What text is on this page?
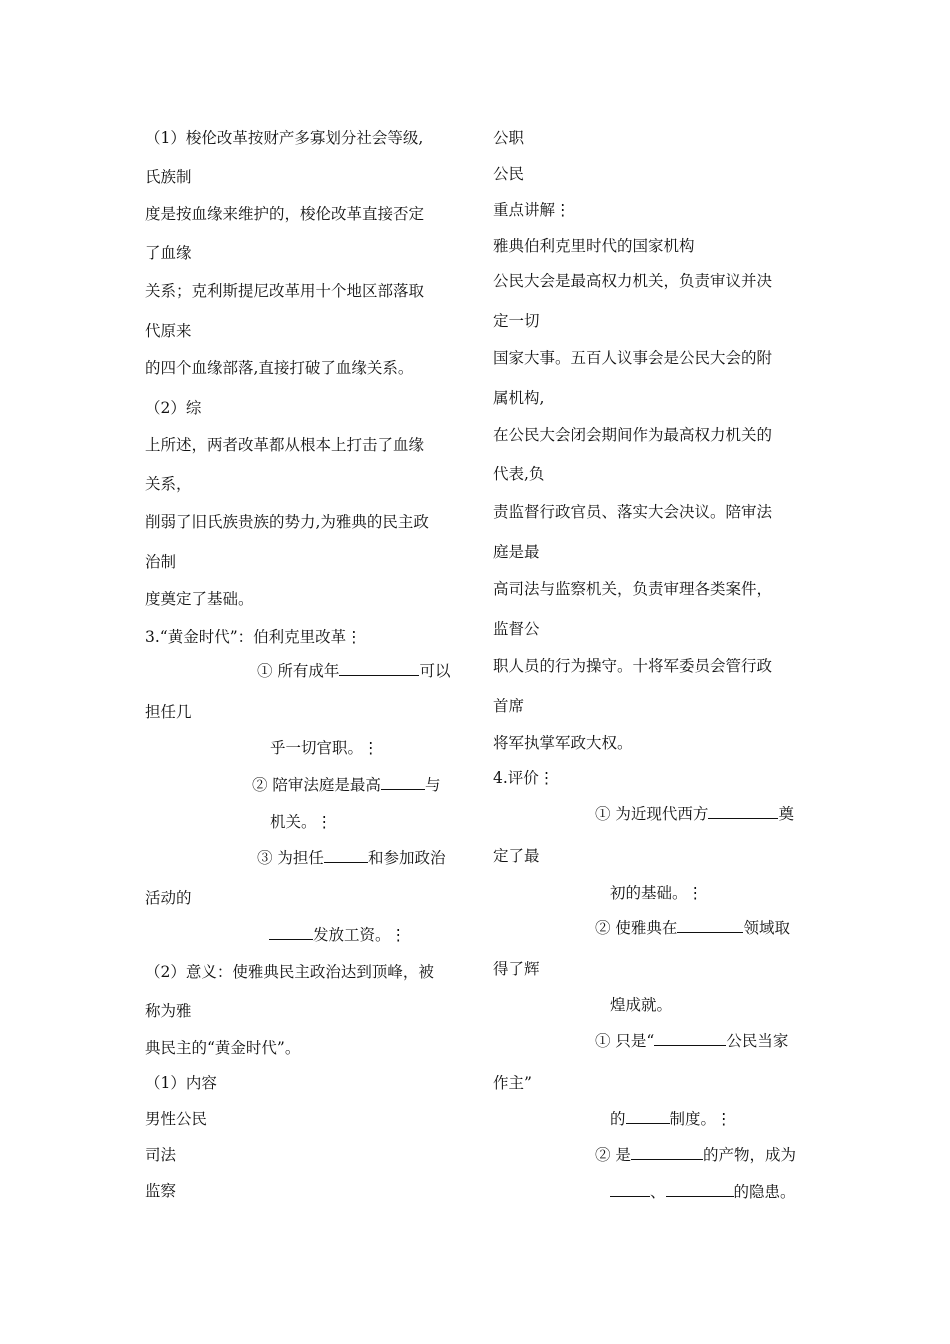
（1）梭伦改革按财产多寡划分社会等级,
氏族制
度是按血缘来维护的，梭伦改革直接否定
了血缘
关系；克利斯提尼改革用十个地区部落取
代原来
的四个血缘部落,直接打破了血缘关系。
（2）综
上所述，两者改革都从根本上打击了血缘
关系，
削弱了旧氏族贵族的势力,为雅典的民主政
治制
度奠定了基础。
3.“黄金时代”：伯利克里改革⋮
① 所有成年	可以
担任几
乎一切官职。⋮
② 陪审法庭是最高	与
机关。⋮
③ 为担任	和参加政治
活动的
发放工资。⋮
（2）意义：使雅典民主政治达到顶峰，被
称为雅
典民主的“黄金时代”。
（1）内容
男性公民
司法
监察
公职
公民
重点讲解⋮
雅典伯利克里时代的国家机构
公民大会是最高权力机关，负责审议并决
定一切
国家大事。五百人议事会是公民大会的附
属机构,
在公民大会闭会期间作为最高权力机关的
代表,负
责监督行政官员、落实大会决议。陪审法
庭是最
高司法与监察机关，负责审理各类案件，
监督公
职人员的行为操守。十将军委员会管行政
首席
将军执掌军政大权。
4.评价⋮
① 为近现代西方	奠
定了最
初的基础。⋮
② 使雅典在	领域取
得了辉
煌成就。
① 只是“	公民当家
作主”
的	制度。⋮
② 是	的产物，成为
、	的隐患。
